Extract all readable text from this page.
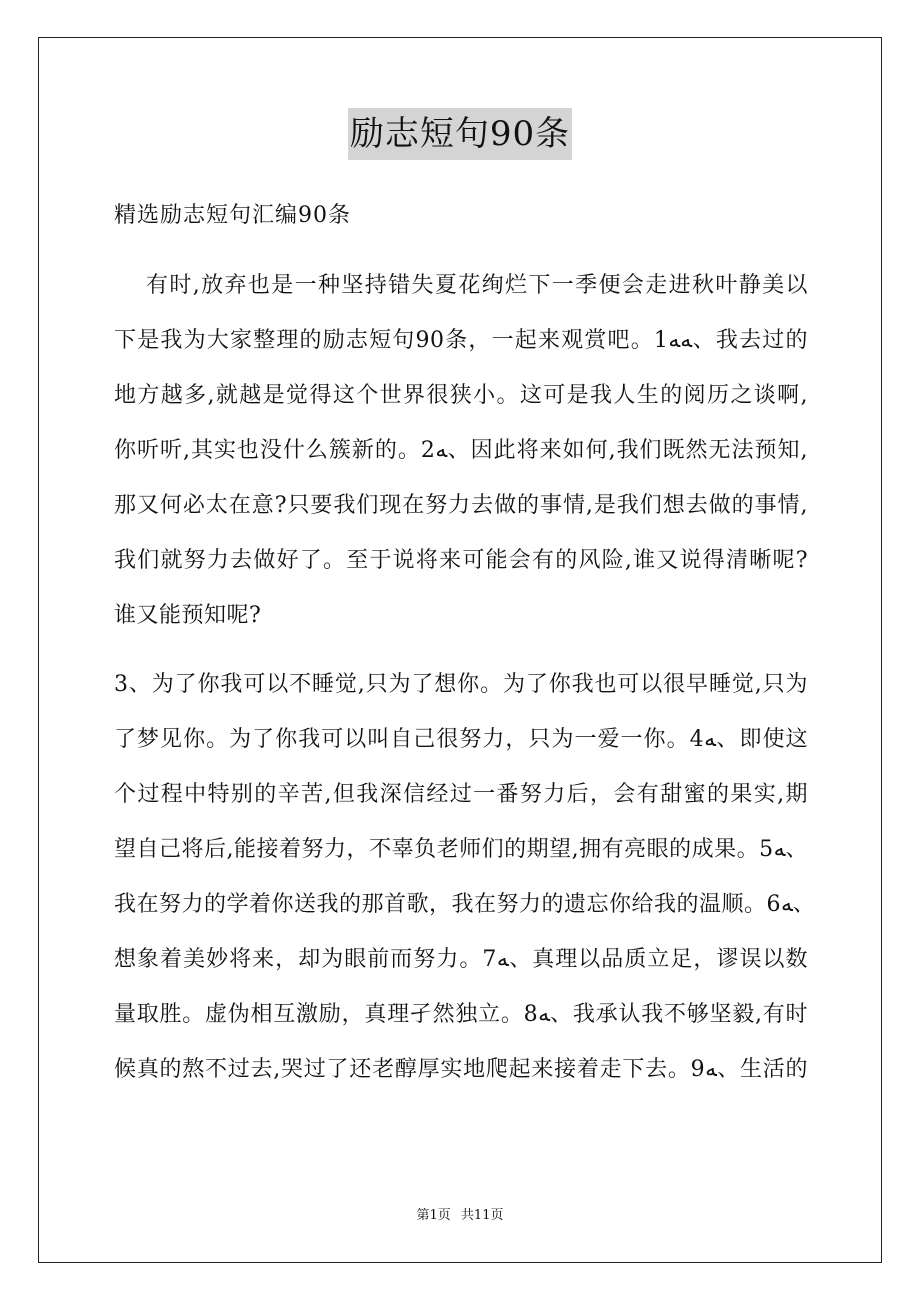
励志短句90条
精选励志短句汇编90条
有时,放弃也是一种坚持错失夏花绚烂下一季便会走进秋叶静美以
下是我为大家整理的励志短句90条，一起来观赏吧。1ﻪﻪ、我去过的
地方越多,就越是觉得这个世界很狭小。这可是我人生的阅历之谈啊,
你听听,其实也没什么簇新的。2ﻪ、因此将来如何,我们既然无法预知,
那又何必太在意?只要我们现在努力去做的事情,是我们想去做的事情,
我们就努力去做好了。至于说将来可能会有的风险,谁又说得清晰呢?
谁又能预知呢?
3、为了你我可以不睡觉,只为了想你。为了你我也可以很早睡觉,只为
了梦见你。为了你我可以叫自己很努力，只为一爱一你。4ﻪ、即使这
个过程中特别的辛苦,但我深信经过一番努力后，会有甜蜜的果实,期
望自己将后,能接着努力，不辜负老师们的期望,拥有亮眼的成果。5ﻪ、
我在努力的学着你送我的那首歌，我在努力的遗忘你给我的温顺。6ﻪ、
想象着美妙将来，却为眼前而努力。7ﻪ、真理以品质立足，谬误以数
量取胜。虚伪相互激励，真理孑然独立。8ﻪ、我承认我不够坚毅,有时
候真的熬不过去,哭过了还老醇厚实地爬起来接着走下去。9ﻪ、生活的
第1页 共11页
